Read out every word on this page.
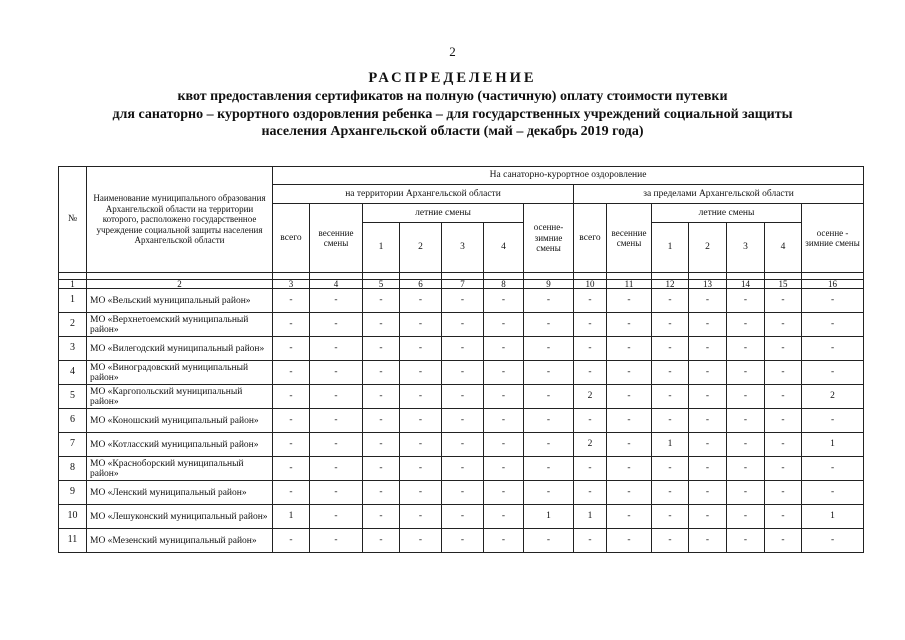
2
РАСПРЕДЕЛЕНИЕ
квот предоставления сертификатов на полную (частичную) оплату стоимости путевки
для санаторно – курортного оздоровления ребенка – для государственных учреждений социальной защиты
населения Архангельской области (май – декабрь 2019 года)
№	Наименование муниципального образования Архангельской области на территории которого, расположено государственное учреждение социальной защиты населения Архангельской области	На санаторно-курортное оздоровление													
		на территории Архангельской области							за пределами Архангельской области						
		всего	весенние смены	летние смены				осенне-зимние смены	всего	весенние смены	летние смены				осенне - зимние смены
				1	2	3	4				1	2	3	4	

1	2	3	4	5	6	7	8	9	10	11	12	13	14	15	16
1	МО «Вельский муниципальный район»	-	-	-	-	-	-	-	-	-	-	-	-	-	-
2	МО «Верхнетоемский муниципальный район»	-	-	-	-	-	-	-	-	-	-	-	-	-	-
3	МО «Вилегодский муниципальный район»	-	-	-	-	-	-	-	-	-	-	-	-	-	-
4	МО «Виноградовский муниципальный район»	-	-	-	-	-	-	-	-	-	-	-	-	-	-
5	МО «Каргопольский муниципальный район»	-	-	-	-	-	-	-	2	-	-	-	-	-	2
6	МО «Коношский муниципальный район»	-	-	-	-	-	-	-	-	-	-	-	-	-	-
7	МО «Котласский муниципальный район»	-	-	-	-	-	-	-	2	-	1	-	-	-	1
8	МО «Красноборский муниципальный район»	-	-	-	-	-	-	-	-	-	-	-	-	-	-
9	МО «Ленский муниципальный район»	-	-	-	-	-	-	-	-	-	-	-	-	-	-
10	МО «Лешуконский муниципальный район»	1	-	-	-	-	-	1	1	-	-	-	-	-	1
11	МО «Мезенский муниципальный район»	-	-	-	-	-	-	-	-	-	-	-	-	-	-
